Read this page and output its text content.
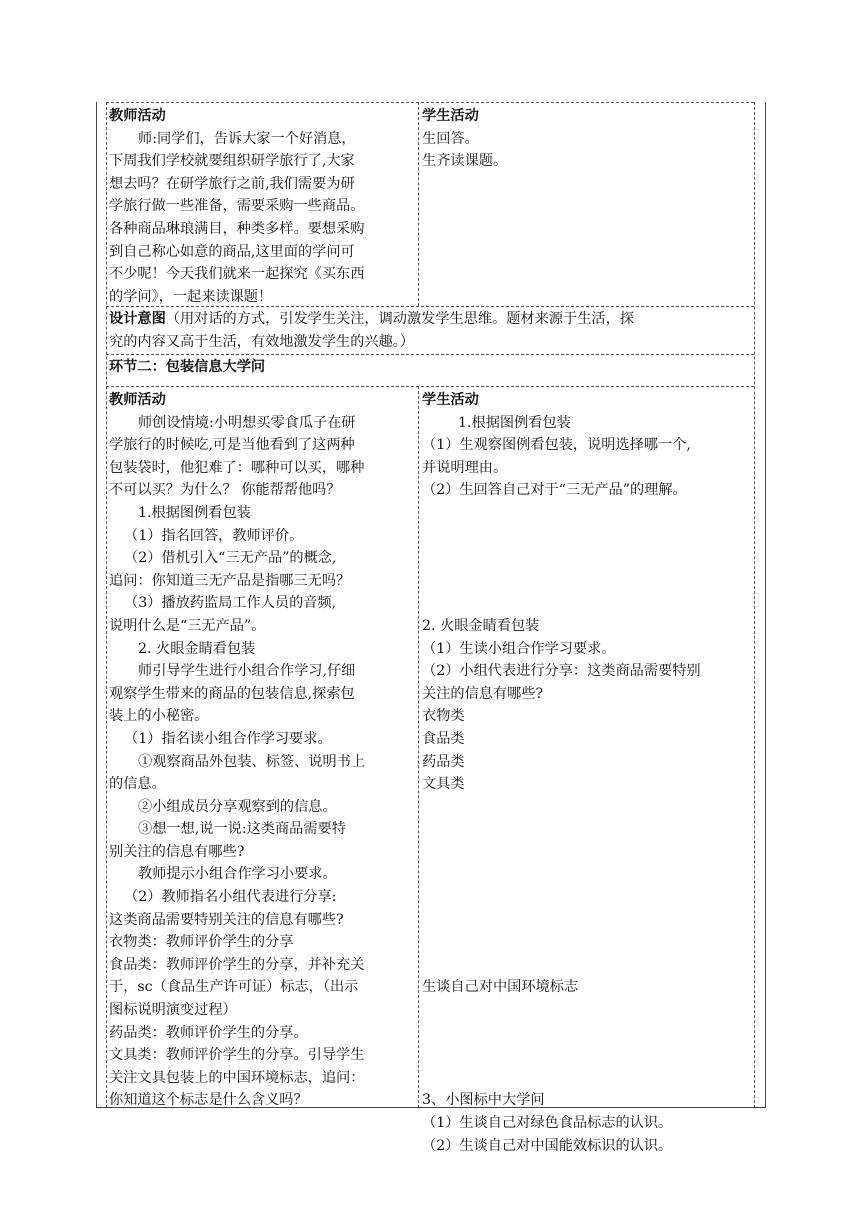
教师活动

师:同学们，告诉大家一个好消息，

下周我们学校就要组织研学旅行了,大家

想去吗？在研学旅行之前,我们需要为研

学旅行做一些准备，需要采购一些商品。

各种商品琳琅满目，种类多样。要想采购

到自己称心如意的商品,这里面的学问可

不少呢！今天我们就来一起探究《买东西

的学问》，一起来读课题！

学生活动

生回答。

生齐读课题。

设计意图（用对话的方式，引发学生关注，调动激发学生思维。题材来源于生活，探

究的内容又高于生活，有效地激发学生的兴趣。）

环节二：包装信息大学问

教师活动

师创设情境:小明想买零食瓜子在研

学旅行的时候吃,可是当他看到了这两种

包装袋时，他犯难了：哪种可以买，哪种

不可以买？为什么？ 你能帮帮他吗？

1.根据图例看包装

（1）指名回答，教师评价。

（2）借机引入“三无产品”的概念,

追问：你知道三无产品是指哪三无吗？

（3）播放药监局工作人员的音频,

说明什么是“三无产品”。

2. 火眼金睛看包装

师引导学生进行小组合作学习,仔细

观察学生带来的商品的包装信息,探索包

装上的小秘密。

（1）指名读小组合作学习要求。

①观察商品外包装、标签、说明书上

的信息。

②小组成员分享观察到的信息。

③想一想,说一说:这类商品需要特

别关注的信息有哪些?

教师提示小组合作学习小要求。

（2）教师指名小组代表进行分享:

这类商品需要特别关注的信息有哪些?

衣物类：教师评价学生的分享

食品类：教师评价学生的分享，并补充关

于，sc（食品生产许可证）标志，（出示

图标说明演变过程）

药品类：教师评价学生的分享。

文具类：教师评价学生的分享。引导学生

关注文具包装上的中国环境标志，追问：

你知道这个标志是什么含义吗？

学生活动

1.根据图例看包装

（1）生观察图例看包装，说明选择哪一个,

并说明理由。

（2）生回答自己对于“三无产品”的理解。

2. 火眼金睛看包装

（1）生读小组合作学习要求。

（2）小组代表进行分享：这类商品需要特别

关注的信息有哪些?

衣物类

食品类

药品类

文具类

生谈自己对中国环境标志

3、小图标中大学问

（1）生谈自己对绿色食品标志的认识。

（2）生谈自己对中国能效标识的认识。
